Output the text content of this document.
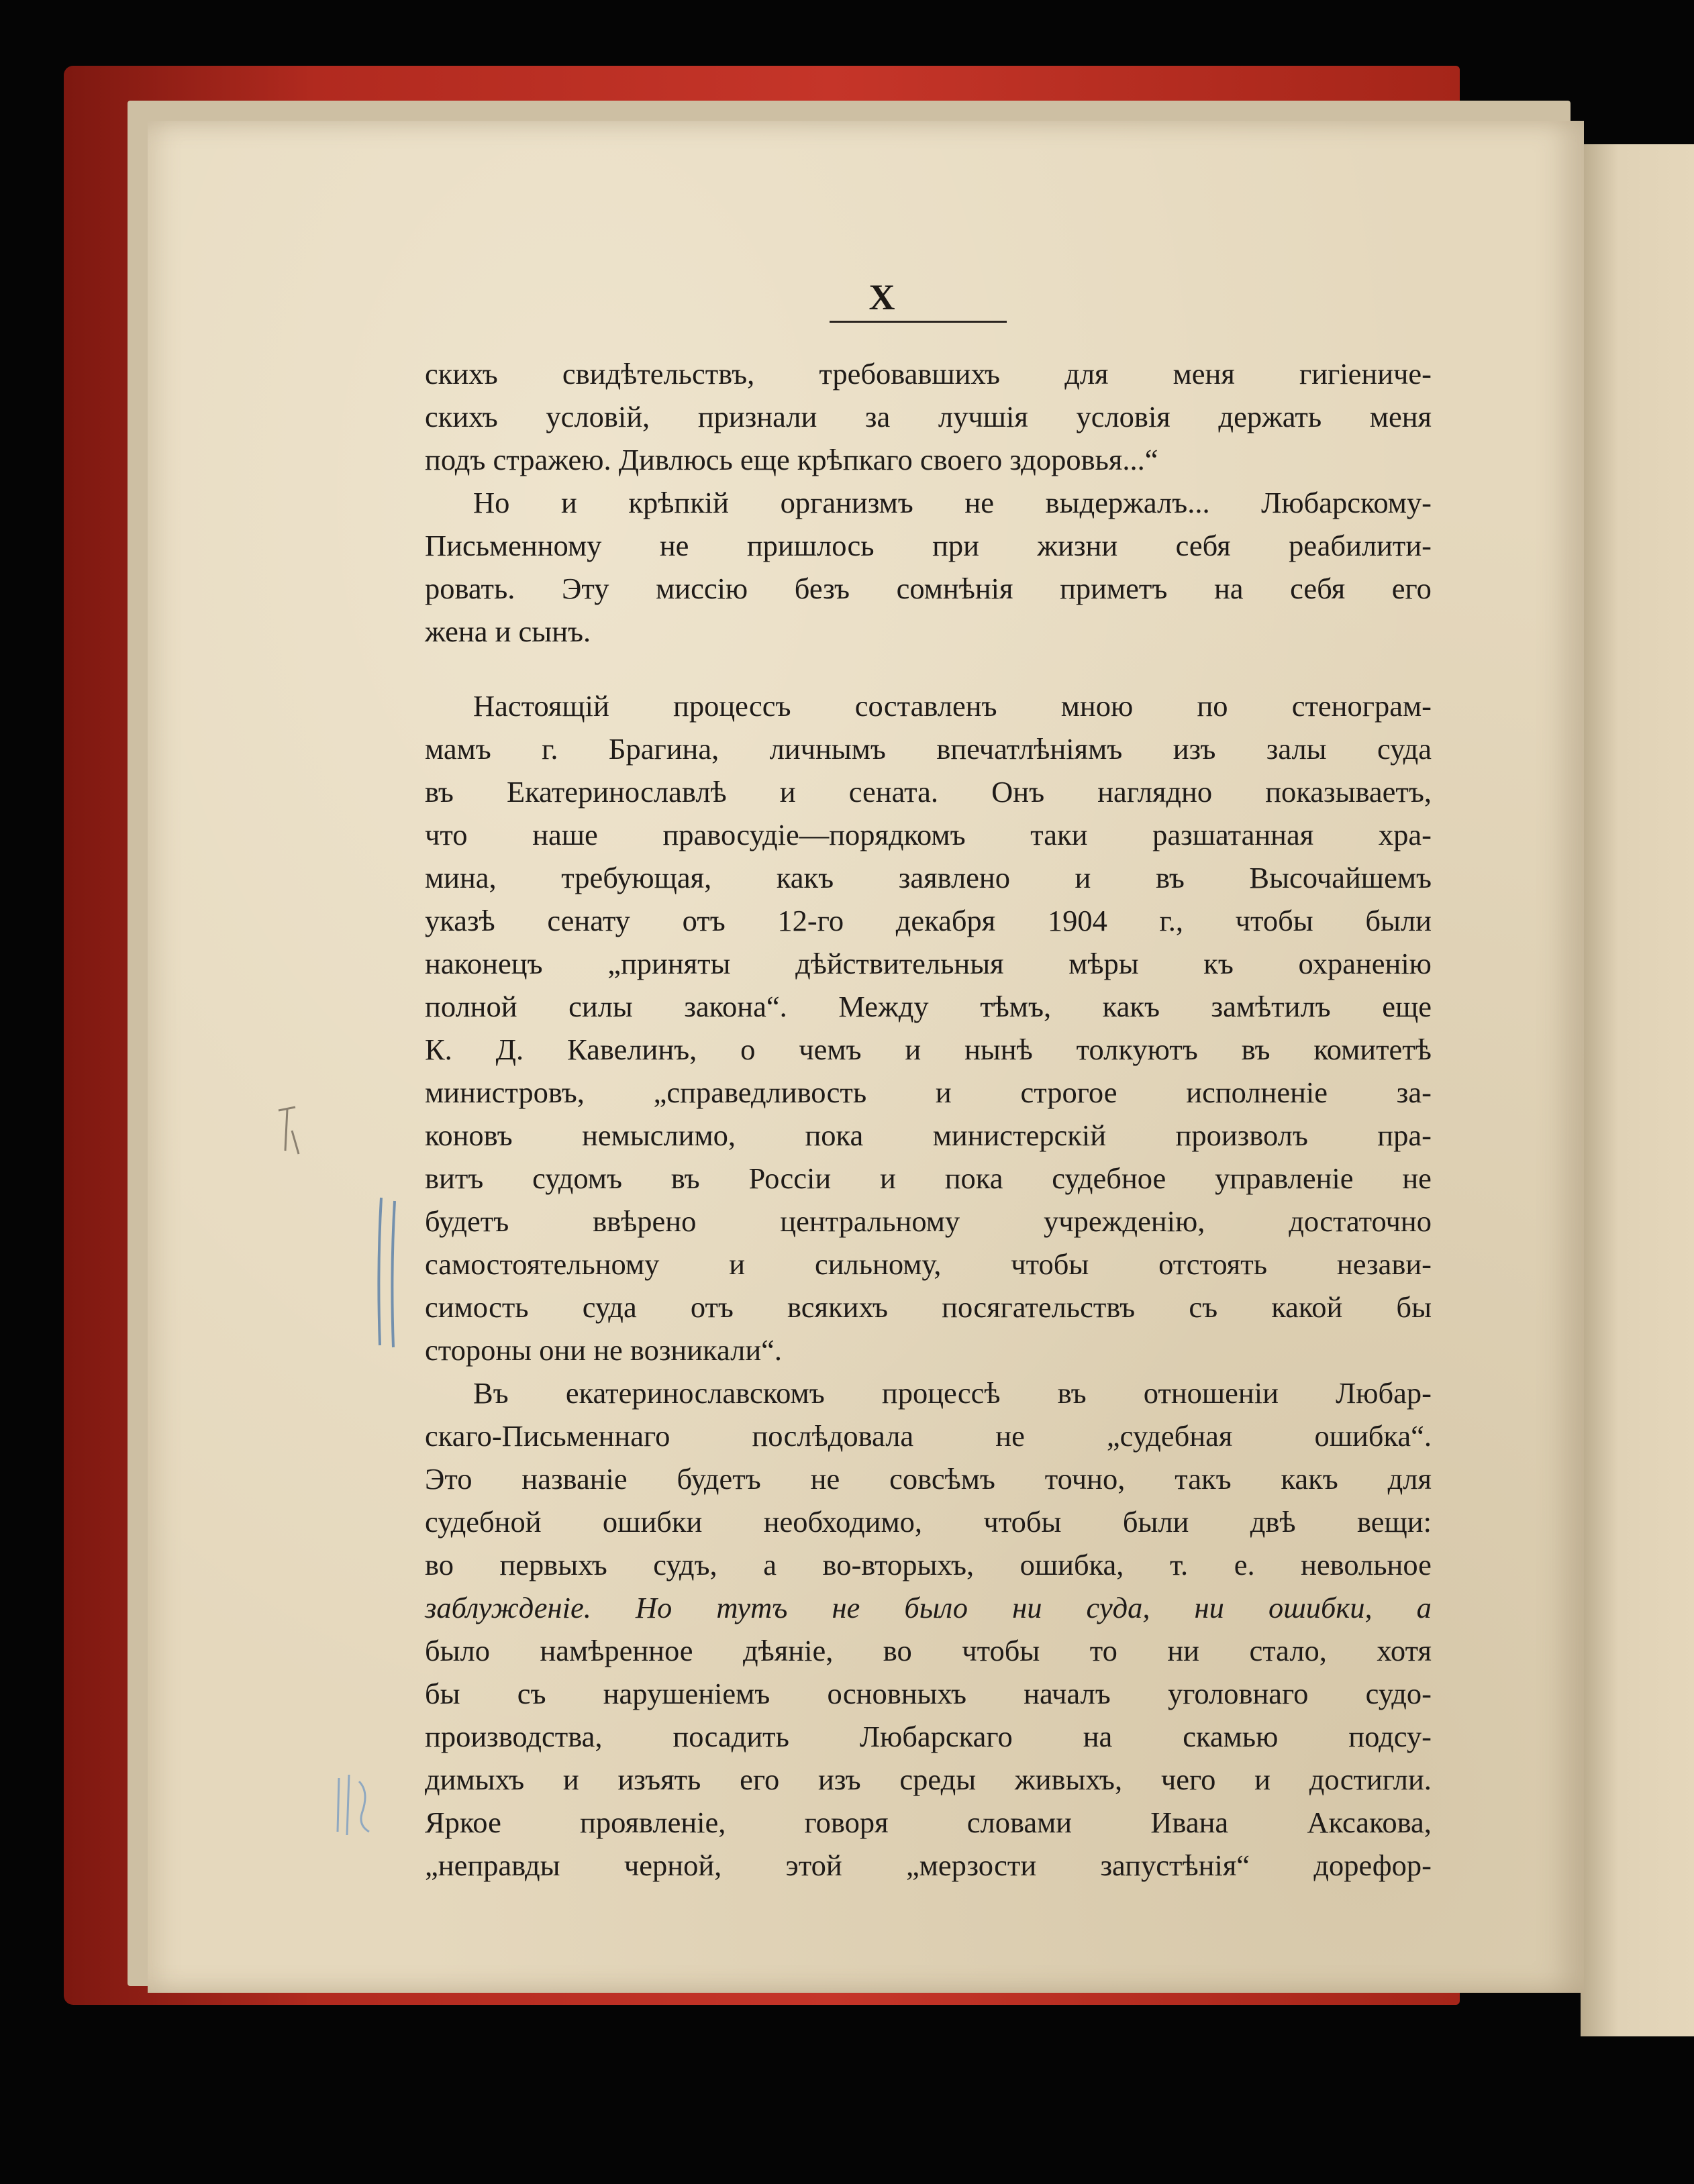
X
скихъ свидѣтельствъ, требовавшихъ для меня гигіениче-
скихъ условій, признали за лучшія условія держать меня
подъ стражею. Дивлюсь еще крѣпкаго своего здоровья...“
Но и крѣпкій организмъ не выдержалъ... Любарскому-
Письменному не пришлось при жизни себя реабилити-
ровать. Эту миссію безъ сомнѣнія приметъ на себя его
жена и сынъ.
Настоящій процессъ составленъ мною по стенограм-
мамъ г. Брагина, личнымъ впечатлѣніямъ изъ залы суда
въ Екатеринославлѣ и сената. Онъ наглядно показываетъ,
что наше правосудіе—порядкомъ таки разшатанная хра-
мина, требующая, какъ заявлено и въ Высочайшемъ
указѣ сенату отъ 12-го декабря 1904 г., чтобы были
наконецъ „приняты дѣйствительныя мѣры къ охраненію
полной силы закона“. Между тѣмъ, какъ замѣтилъ еще
К. Д. Кавелинъ, о чемъ и нынѣ толкуютъ въ комитетѣ
министровъ, „справедливость и строгое исполненіе за-
коновъ немыслимо, пока министерскій произволъ пра-
витъ судомъ въ Россіи и пока судебное управленіе не
будетъ	ввѣрено	центральному	учрежденію,	достаточно
самостоятельному и сильному, чтобы отстоять незави-
симость суда отъ всякихъ посягательствъ съ какой бы
стороны они не возникали“.
Въ екатеринославскомъ процессѣ въ отношеніи Любар-
скаго-Письменнаго	послѣдовала	не	„судебная	ошибка“.
Это названіе будетъ не совсѣмъ точно, такъ какъ для
судебной ошибки необходимо, чтобы были двѣ вещи:
во первыхъ судъ, а во-вторыхъ, ошибка, т. е. невольное
заблужденіе. Но тутъ не было ни суда, ни ошибки, а
было намѣренное дѣяніе, во чтобы то ни стало, хотя
бы съ нарушеніемъ основныхъ началъ уголовнаго судо-
производства, посадить Любарскаго на скамью подсу-
димыхъ и изъять его изъ среды живыхъ, чего и достигли.
Яркое	проявленіе,	говоря	словами	Ивана	Аксакова,
„неправды черной, этой „мерзости запустѣнія“ дорефор-
